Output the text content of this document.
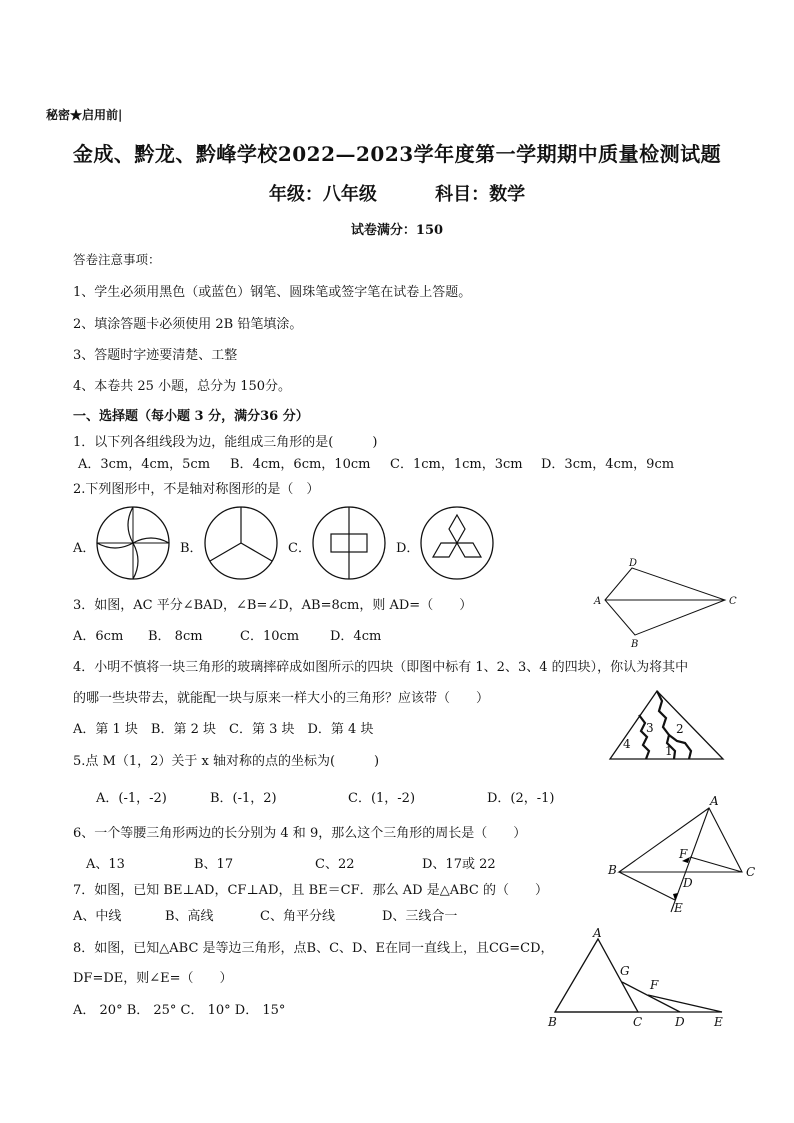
秘密★启用前|
金成、黔龙、黔峰学校2022—2023学年度第一学期期中质量检测试题
年级：八年级	科目：数学
试卷满分：150
答卷注意事项：
1、学生必须用黑色（或蓝色）钢笔、圆珠笔或签字笔在试卷上答题。
2、填涂答题卡必须使用 2B 铅笔填涂。
3、答题时字迹要清楚、工整
4、本卷共 25 小题，总分为 150分。
一、选择题（每小题 3 分，满分36 分）
1．以下列各组线段为边，能组成三角形的是(　　　)
A．3cm，4cm，5cm B．4cm，6cm，10cm C．1cm，1cm，3cm D．3cm，4cm，9cm
2.下列图形中，不是轴对称图形的是（　）
A．	B．	C．	D．
3．如图，AC 平分∠BAD，∠B=∠D，AB=8cm，则 AD=（　　）
A．6cm B． 8cm	C．10cm D．4cm
D
A	C
B
4．小明不慎将一块三角形的玻璃摔碎成如图所示的四块（即图中标有 1、2、3、4 的四块），你认为将其中
的哪一些块带去，就能配一块与原来一样大小的三角形？应该带（　　）
A．第 1 块　B．第 2 块　C．第 3 块　D．第 4 块
4
3 2
1
5.点 M（1，2）关于 x 轴对称的点的坐标为(　　　)
A．(-1，-2)	B．(-1，2)	C．(1，-2)	D．(2，-1)
6、一个等腰三角形两边的长分别为 4 和 9，那么这个三角形的周长是（　　）
A、13	B、17	C、22	D、17或 22
7．如图，已知 BE⊥AD，CF⊥AD，且 BE＝CF．那么 AD 是△ABC 的（　　）
A、中线	B、高线	C、角平分线	D、三线合一
A
B	C
F
D
E
8．如图，已知△ABC 是等边三角形，点B、C、D、E在同一直线上，且CG=CD，
DF=DE，则∠E=（　　）
A． 20° B． 25° C． 10° D． 15°
A
G
F
B	C	D E
